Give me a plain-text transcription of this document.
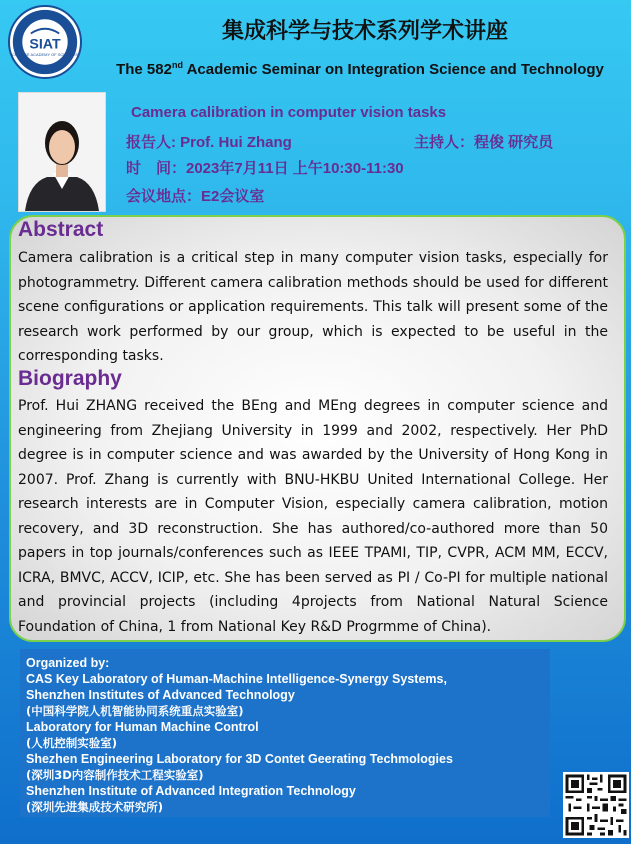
SIAT
CHINESE ACADEMY OF SCIENCES
集成科学与技术系列学术讲座
The 582nd Academic Seminar on Integration Science and Technology
Camera calibration in computer vision tasks
报告人: Prof. Hui Zhang	主持人：程俊 研究员
时　间：2023年7月11日 上午10:30-11:30
会议地点：E2会议室
Abstract

Camera calibration is a critical step in many computer vision tasks, especially for photogrammetry. Different camera calibration methods should be used for different scene configurations or application requirements. This talk will present some of the research work performed by our group, which is expected to be useful in the corresponding tasks.

Biography

Prof. Hui ZHANG received the BEng and MEng degrees in computer science and engineering from Zhejiang University in 1999 and 2002, respectively. Her PhD degree is in computer science and was awarded by the University of Hong Kong in 2007. Prof. Zhang is currently with BNU-HKBU United International College. Her research interests are in Computer Vision, especially camera calibration, motion recovery, and 3D reconstruction. She has authored/co-authored more than 50 papers in top journals/conferences such as IEEE TPAMI, TIP, CVPR, ACM MM, ECCV, ICRA, BMVC, ACCV, ICIP, etc. She has been served as PI / Co-PI for multiple national and provincial projects (including 4projects from National Natural Science Foundation of China, 1 from National Key R&D Progrmme of China).

Organized by:
CAS Key Laboratory of Human-Machine Intelligence-Synergy Systems,
Shenzhen Institutes of Advanced Technology
(中国科学院人机智能协同系统重点实验室)
Laboratory for Human Machine Control
(人机控制实验室)
Shezhen Engineering Laboratory for 3D Contet Geerating Techmologies
(深圳3D内容制作技术工程实验室)
Shenzhen Institute of Advanced Integration Technology
(深圳先进集成技术研究所)
